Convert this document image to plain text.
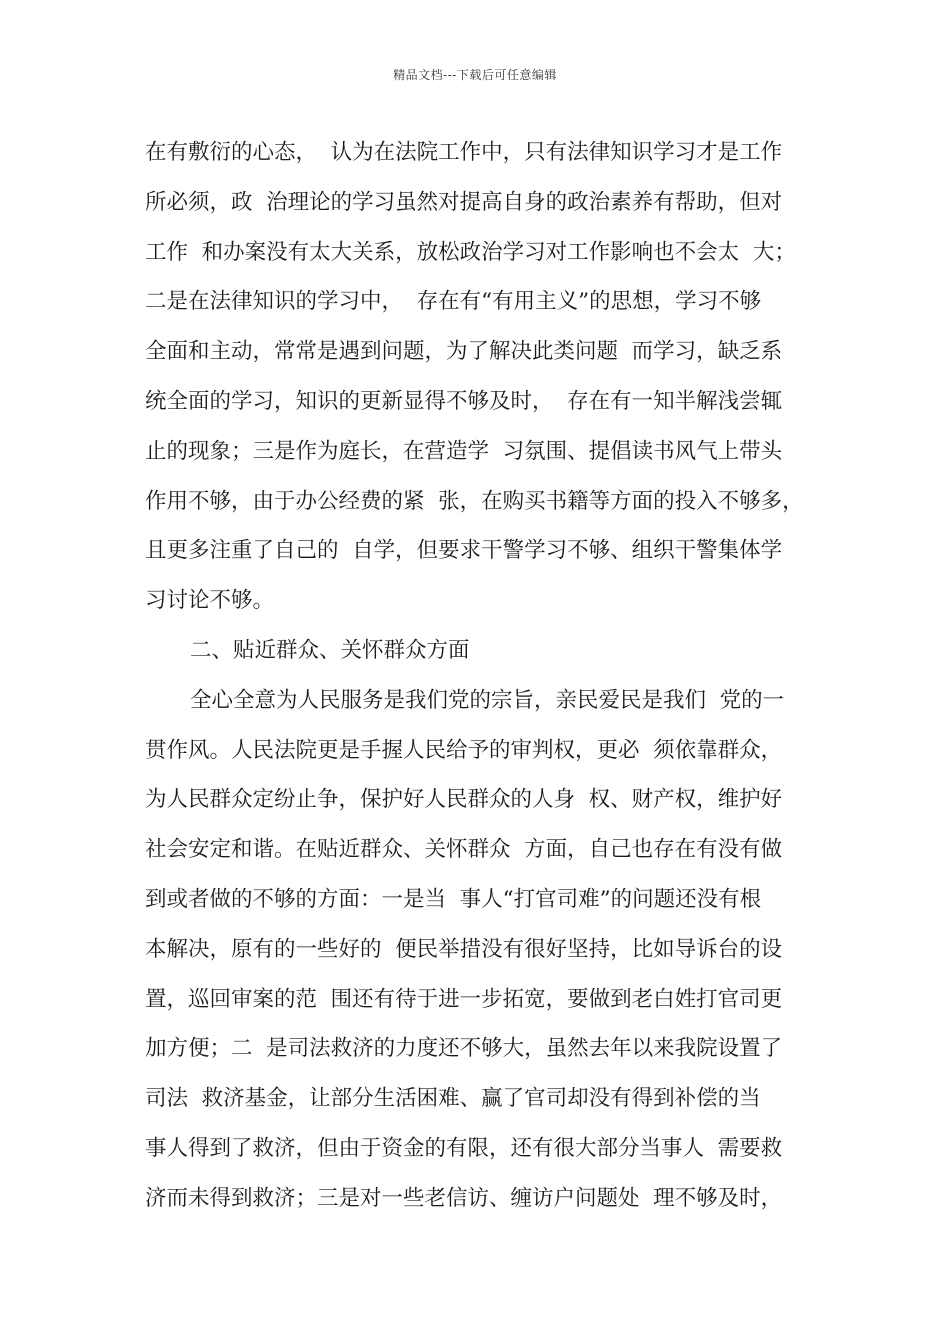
精品文档---下载后可任意编辑
在有敷衍的心态，  认为在法院工作中，只有法律知识学习才是工作
所必须，政  治理论的学习虽然对提高自身的政治素养有帮助，但对
工作  和办案没有太大关系，放松政治学习对工作影响也不会太  大；
二是在法律知识的学习中，  存在有“有用主义”的思想，学习不够
全面和主动，常常是遇到问题，为了解决此类问题  而学习，缺乏系
统全面的学习，知识的更新显得不够及时，  存在有一知半解浅尝辄
止的现象；三是作为庭长，在营造学  习氛围、提倡读书风气上带头
作用不够，由于办公经费的紧  张，在购买书籍等方面的投入不够多，
且更多注重了自己的  自学，但要求干警学习不够、组织干警集体学
习讨论不够。
二、贴近群众、关怀群众方面
全心全意为人民服务是我们党的宗旨，亲民爱民是我们  党的一
贯作风。人民法院更是手握人民给予的审判权，更必  须依靠群众，
为人民群众定纷止争，保护好人民群众的人身  权、财产权，维护好
社会安定和谐。在贴近群众、关怀群众  方面，自己也存在有没有做
到或者做的不够的方面：一是当  事人“打官司难”的问题还没有根
本解决，原有的一些好的  便民举措没有很好坚持，比如导诉台的设
置，巡回审案的范  围还有待于进一步拓宽，要做到老白姓打官司更
加方便；二  是司法救济的力度还不够大，虽然去年以来我院设置了
司法  救济基金，让部分生活困难、赢了官司却没有得到补偿的当
事人得到了救济，但由于资金的有限，还有很大部分当事人  需要救
济而未得到救济；三是对一些老信访、缠访户问题处  理不够及时，
